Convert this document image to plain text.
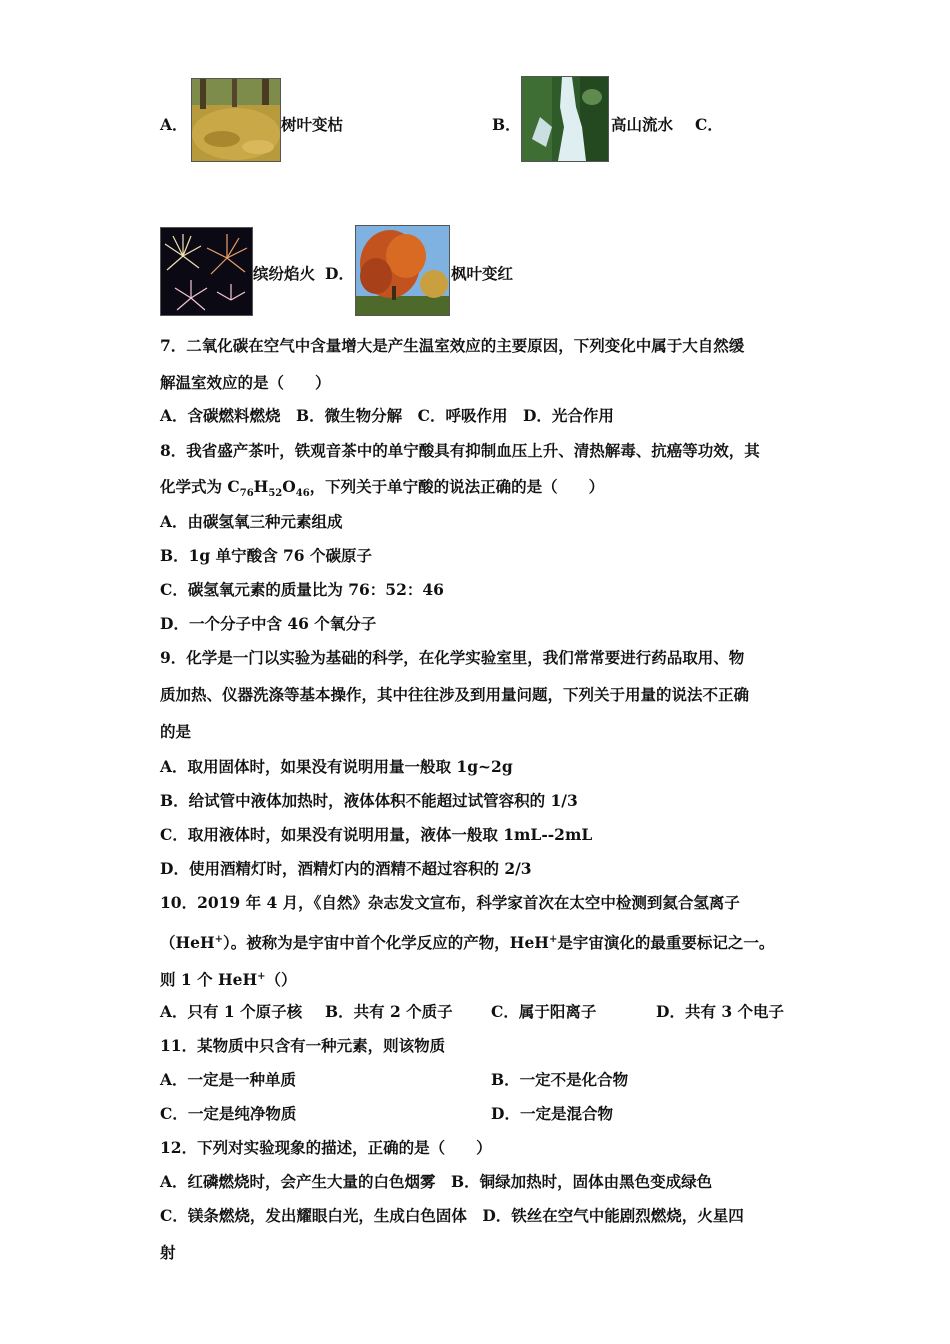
A．	树叶变枯	B．	高山流水 C．
缤纷焰火 D．	枫叶变红
7．二氧化碳在空气中含量增大是产生温室效应的主要原因，下列变化中属于大自然缓
解温室效应的是（　　）
A．含碳燃料燃烧　B．微生物分解　C．呼吸作用　D．光合作用
8．我省盛产茶叶，铁观音茶中的单宁酸具有抑制血压上升、清热解毒、抗癌等功效，其
化学式为 $C_{76}H_{52}O_{46}$，下列关于单宁酸的说法正确的是（　　）
A．由碳氢氧三种元素组成
B．1g 单宁酸含 76 个碳原子
C．碳氢氧元素的质量比为 76：52：46
D．一个分子中含 46 个氧分子
9．化学是一门以实验为基础的科学，在化学实验室里，我们常常要进行药品取用、物
质加热、仪器洗涤等基本操作，其中往往涉及到用量问题，下列关于用量的说法不正确
的是
A．取用固体时，如果没有说明用量一般取 1g~2g
B．给试管中液体加热时，液体体积不能超过试管容积的 1/3
C．取用液体时，如果没有说明用量，液体一般取 1mL--2mL
D．使用酒精灯时，酒精灯内的酒精不超过容积的 2/3
10．2019 年 4 月，《自然》杂志发文宣布，科学家首次在太空中检测到氦合氢离子
（HeH+）。被称为是宇宙中首个化学反应的产物，HeH+是宇宙演化的最重要标记之一。
则 1 个 HeH+（）
A．只有 1 个原子核 B．共有 2 个质子 C．属于阳离子	D．共有 3 个电子
11．某物质中只含有一种元素，则该物质
A．一定是一种单质	B．一定不是化合物
C．一定是纯净物质	D．一定是混合物
12．下列对实验现象的描述，正确的是（　　）
A．红磷燃烧时，会产生大量的白色烟雾　B．铜绿加热时，固体由黑色变成绿色
C．镁条燃烧，发出耀眼白光，生成白色固体　D．铁丝在空气中能剧烈燃烧，火星四
射
